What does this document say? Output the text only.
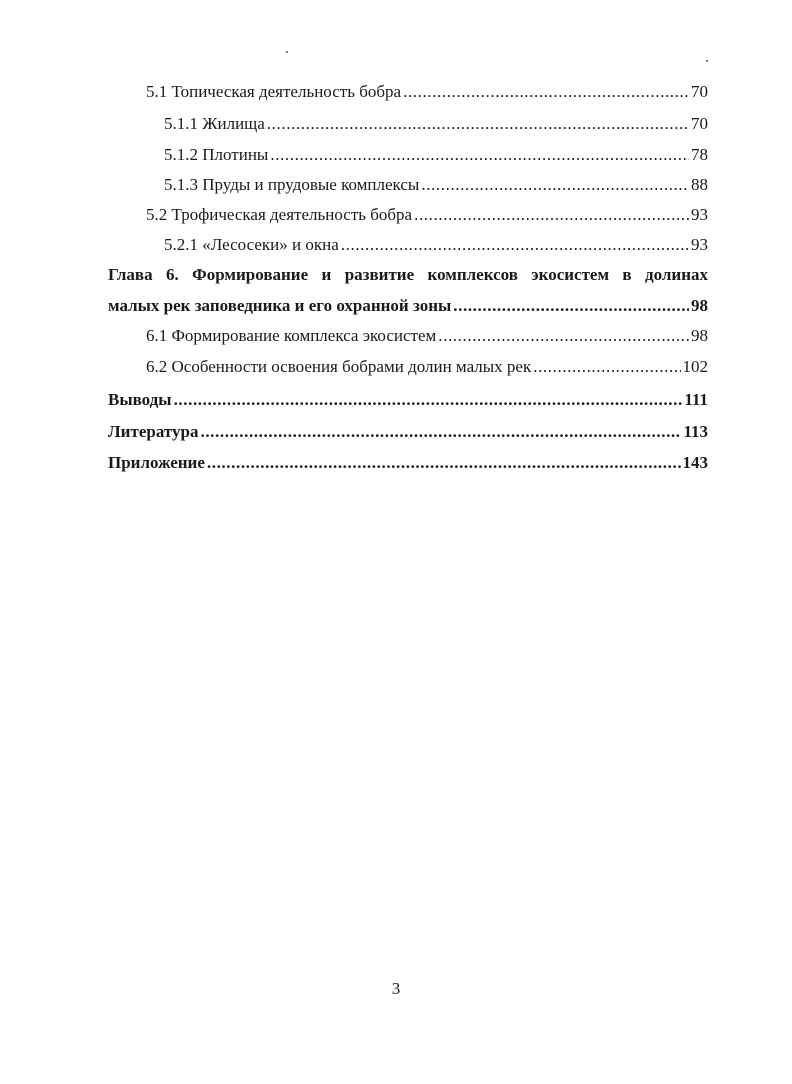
5.1 Топическая деятельность бобра .....	70
5.1.1 Жилища .....	70
5.1.2 Плотины .....	78
5.1.3 Пруды и прудовые комплексы .....	88
5.2 Трофическая деятельность бобра .....	93
5.2.1 «Лесосеки» и окна .....	93
Глава 6. Формирование и развитие комплексов экосистем в долинах
малых рек заповедника и его охранной зоны .....	98
6.1 Формирование комплекса экосистем .....	98
6.2 Особенности освоения бобрами долин малых рек .....	102
Выводы .....	111
Литература .....	113
Приложение .....	143
3
